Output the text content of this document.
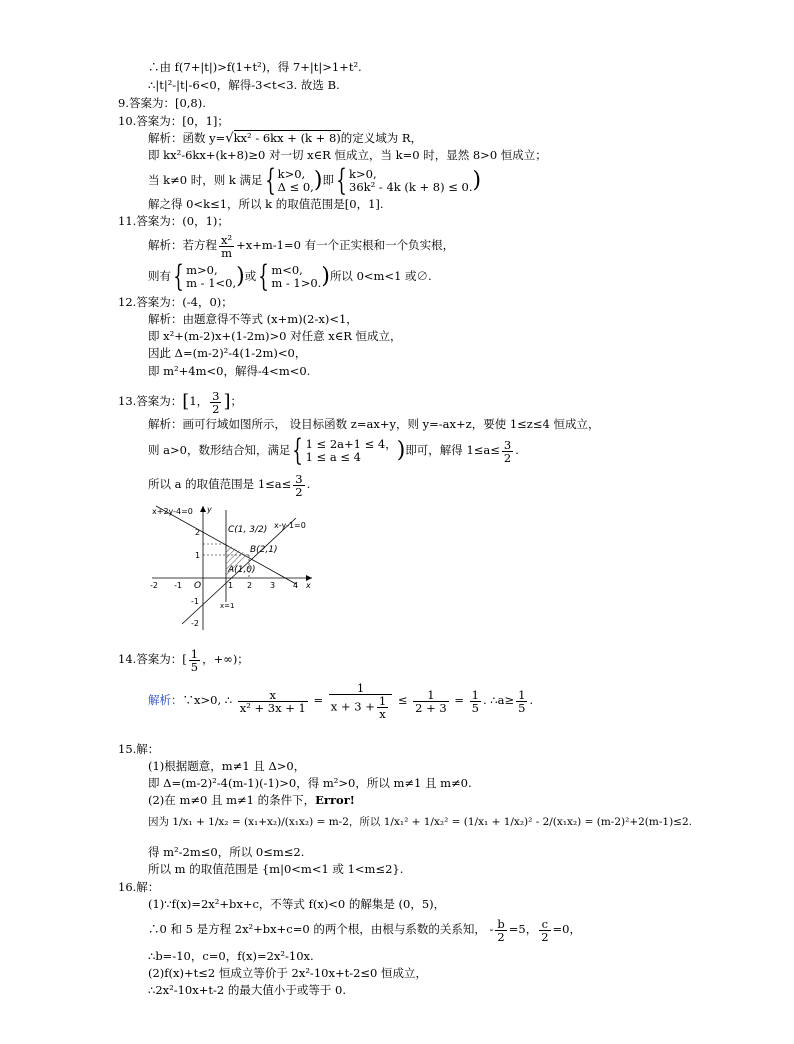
∴由 f(7+|t|)>f(1+t²)，得 7+|t|>1+t².
∴|t|²-|t|-6<0，解得-3<t<3. 故选 B.
9.答案为：[0,8).
10.答案为：[0，1]；
解析：函数 y=√kx² - 6kx + (k + 8)的定义域为 R，
即 kx²-6kx+(k+8)≥0 对一切 x∈R 恒成立，当 k=0 时，显然 8>0 恒成立；
当 k≠0 时，则 k 满足{ k>0,
Δ ≤ 0, )即{ k>0,
36k² - 4k (k + 8) ≤ 0. )
解之得 0<k≤1，所以 k 的取值范围是[0，1].
11.答案为：(0，1)；
解析：若方程 $\frac{\text{x²}}{m} +x+m-1=0$ 有一个正实根和一个负实根，
则有{ m>0,
m - 1<0, )或{ m<0,
m - 1>0. )所以 0<m<1 或∅.
12.答案为：(-4，0)；
解析：由题意得不等式 (x+m)(2-x)<1，
即 x²+(m-2)x+(1-2m)>0 对任意 x∈R 恒成立，
因此 Δ=(m-2)²-4(1-2m)<0，
即 m²+4m<0，解得-4<m<0.
13.答案为：[1， $\frac{3}{2}$ ]；
解析：画可行域如图所示， 设目标函数 z=ax+y，则 y=-ax+z，要使 1≤z≤4 恒成立，
则 a>0，数形结合知，满足{ 1 ≤ 2a+1 ≤ 4，
1 ≤ a ≤ 4	)即可，解得 $1\le a\le \frac{3}{2}$ .
所以 a 的取值范围是 $1\le a\le \frac{3}{2}$ .
x+2y-4=0
x-y-1=0
x=1
y
x
O
C(1, 3/2)
B(2,1)
A(1,0)
-2 -1	1 2 3 4
2
1
-1
-2
14.答案为：[ $\frac{1}{5}$ ，+∞)；
解析：∵x>0, ∴ $\frac{x}{\text{x² + 3x + 1}} = \frac{1}{x + 3 + \frac{1}{x}} \le \frac{1}{2 + 3} = \frac{1}{5}$ . ∴a≥ $\frac{1}{5}$ .
15.解：
(1)根据题意，m≠1 且 Δ>0，
即 Δ=(m-2)²-4(m-1)(-1)>0，得 m²>0，所以 m≠1 且 m≠0.
(2)在 m≠0 且 m≠1 的条件下，Error!
因为 1/x₁ + 1/x₂ = (x₁+x₂)/(x₁x₂) = m-2，所以 1/x₁² + 1/x₂² = (1/x₁ + 1/x₂)² - 2/(x₁x₂) = (m-2)²+2(m-1)≤2.
得 m²-2m≤0，所以 0≤m≤2.
所以 m 的取值范围是 {m|0<m<1 或 1<m≤2}.
16.解：
(1)∵f(x)=2x²+bx+c，不等式 f(x)<0 的解集是 (0，5)，
∴0 和 5 是方程 2x²+bx+c=0 的两个根，由根与系数的关系知， - $\frac{b}{2} =5$， $\frac{c}{2} =0$，
∴b=-10，c=0，f(x)=2x²-10x.
(2)f(x)+t≤2 恒成立等价于 2x²-10x+t-2≤0 恒成立，
∴2x²-10x+t-2 的最大值小于或等于 0.
